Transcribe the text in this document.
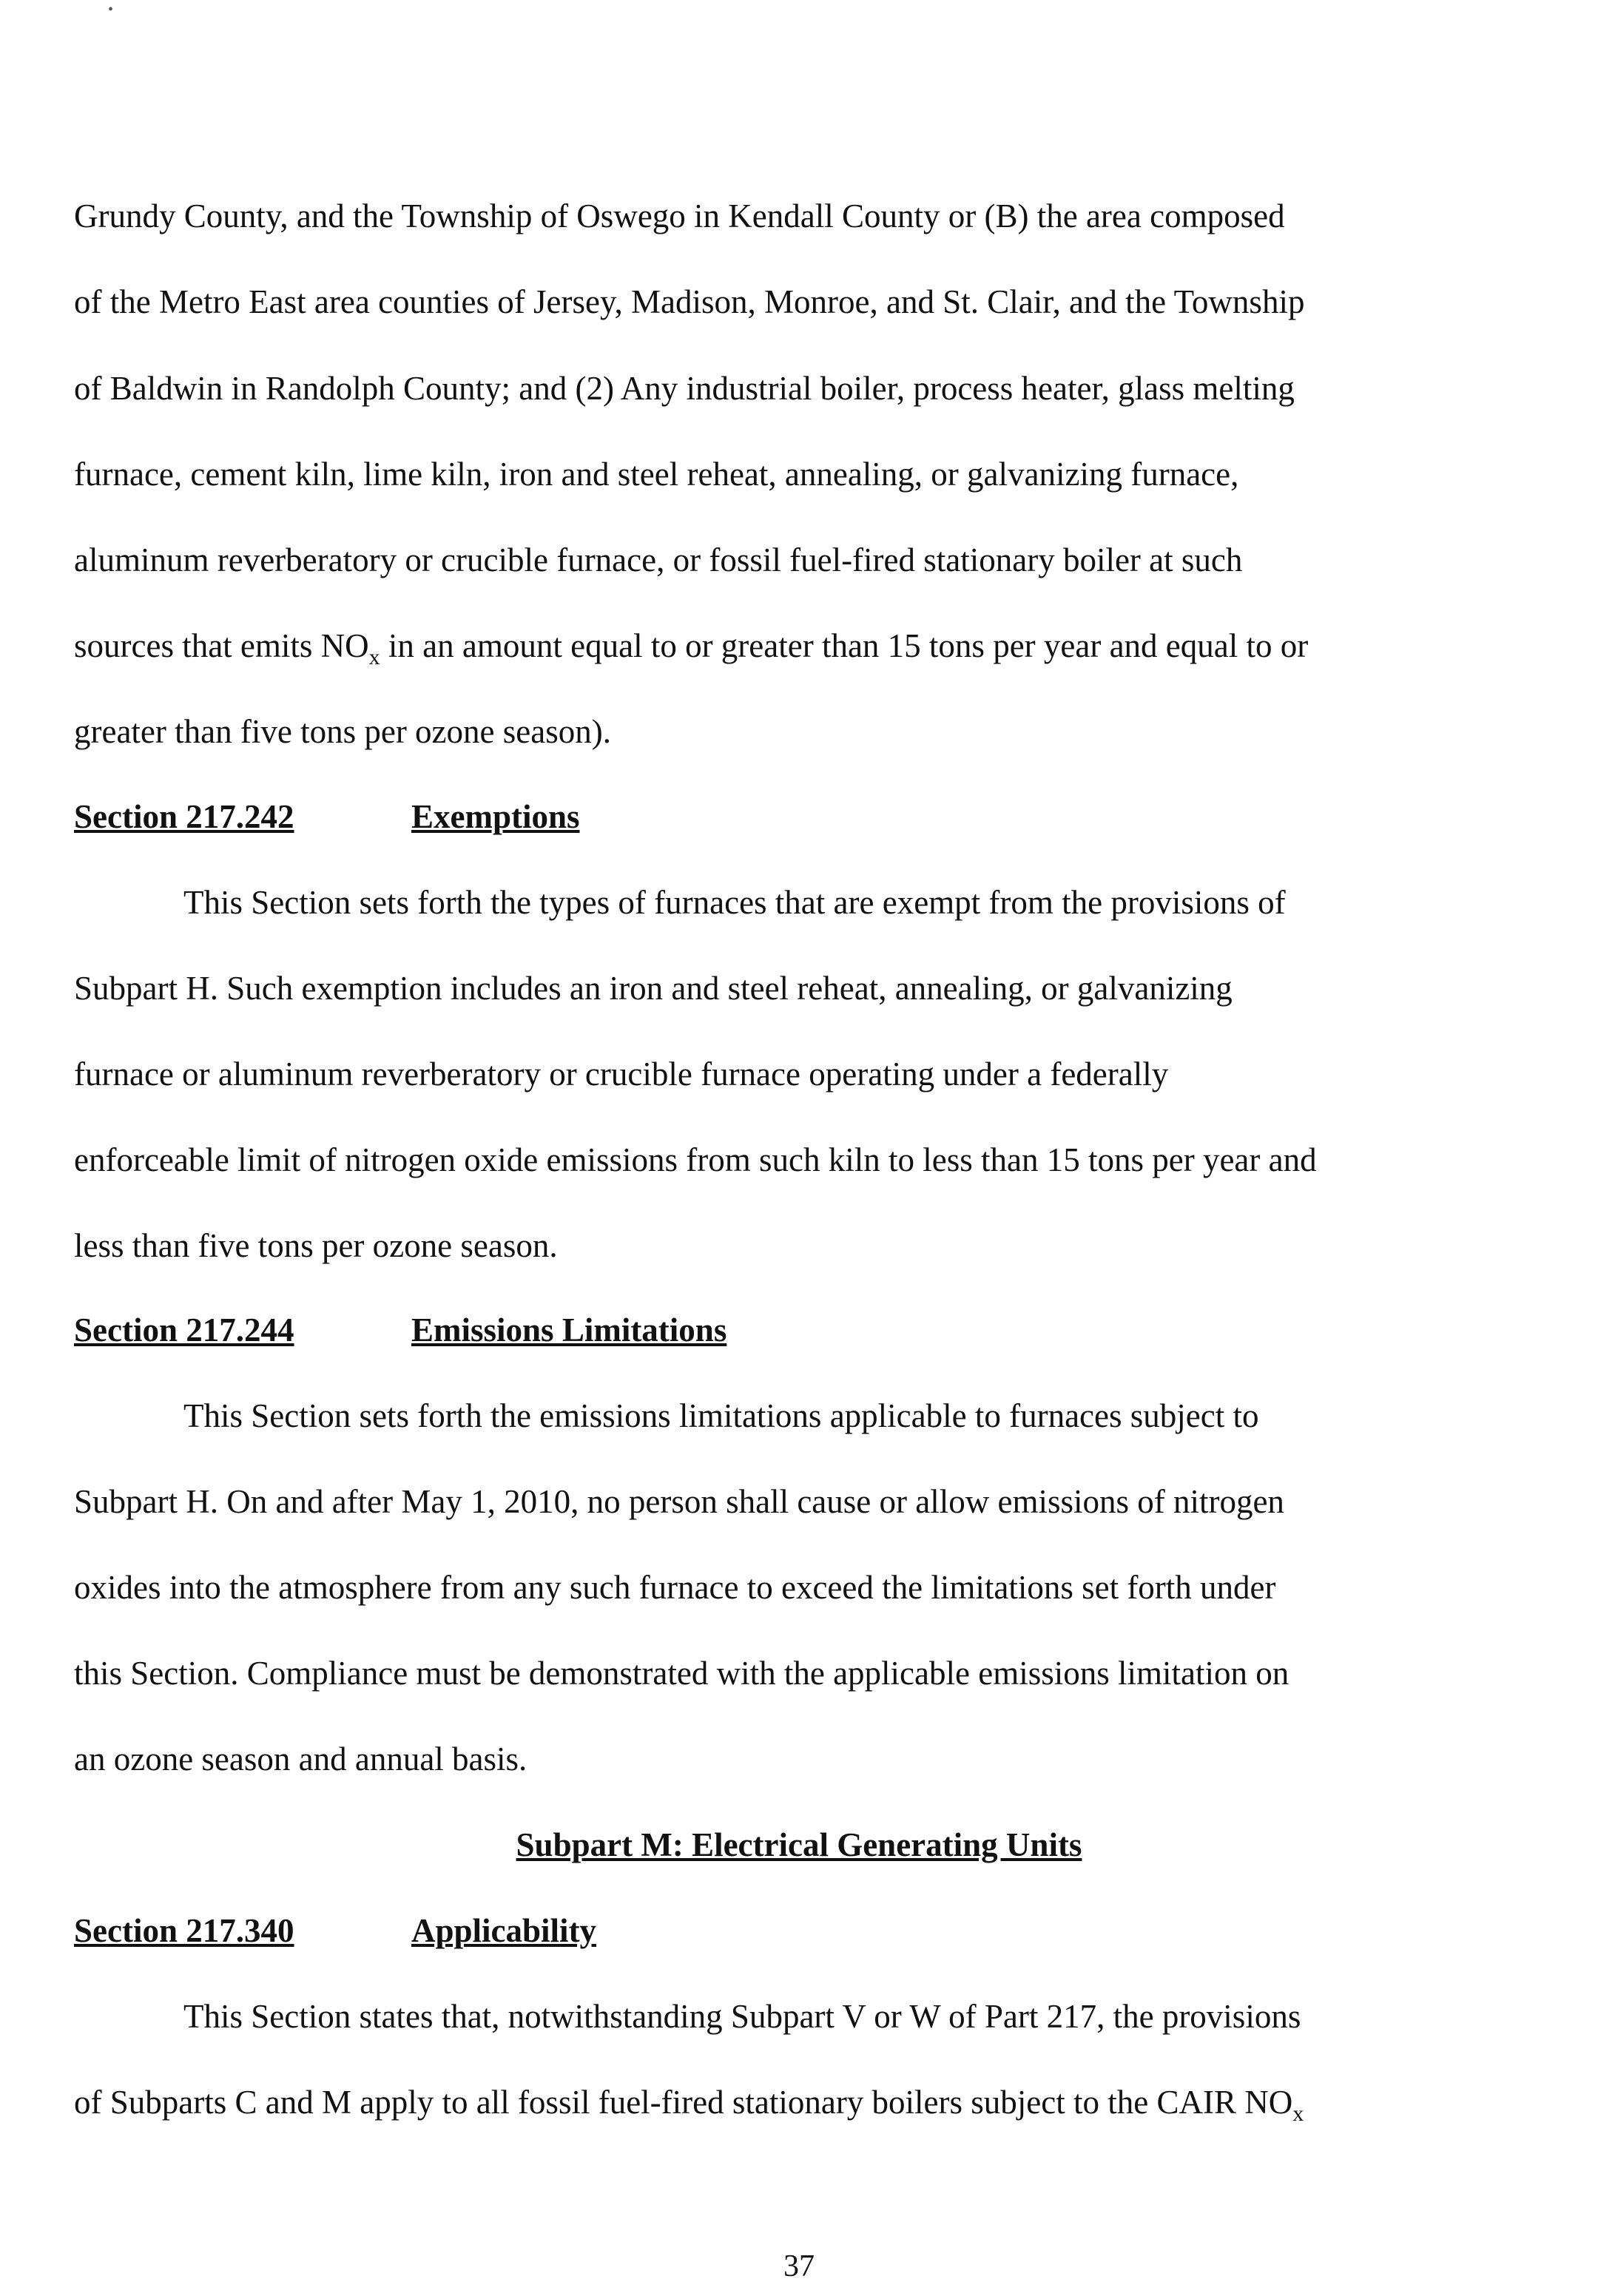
Grundy County, and the Township of Oswego in Kendall County or (B) the area composed
of the Metro East area counties of Jersey, Madison, Monroe, and St. Clair, and the Township
of Baldwin in Randolph County; and (2) Any industrial boiler, process heater, glass melting
furnace, cement kiln, lime kiln, iron and steel reheat, annealing, or galvanizing furnace,
aluminum reverberatory or crucible furnace, or fossil fuel-fired stationary boiler at such
sources that emits $NO_x$ in an amount equal to or greater than 15 tons per year and equal to or
greater than five tons per ozone season).
Section 217.242	Exemptions
This Section sets forth the types of furnaces that are exempt from the provisions of
Subpart H. Such exemption includes an iron and steel reheat, annealing, or galvanizing
furnace or aluminum reverberatory or crucible furnace operating under a federally
enforceable limit of nitrogen oxide emissions from such kiln to less than 15 tons per year and
less than five tons per ozone season.
Section 217.244	Emissions Limitations
This Section sets forth the emissions limitations applicable to furnaces subject to
Subpart H. On and after May 1, 2010, no person shall cause or allow emissions of nitrogen
oxides into the atmosphere from any such furnace to exceed the limitations set forth under
this Section. Compliance must be demonstrated with the applicable emissions limitation on
an ozone season and annual basis.
Subpart M: Electrical Generating Units
Section 217.340	Applicability
This Section states that, notwithstanding Subpart V or W of Part 217, the provisions
of Subparts C and M apply to all fossil fuel-fired stationary boilers subject to the CAIR $NO_x$
37
•
